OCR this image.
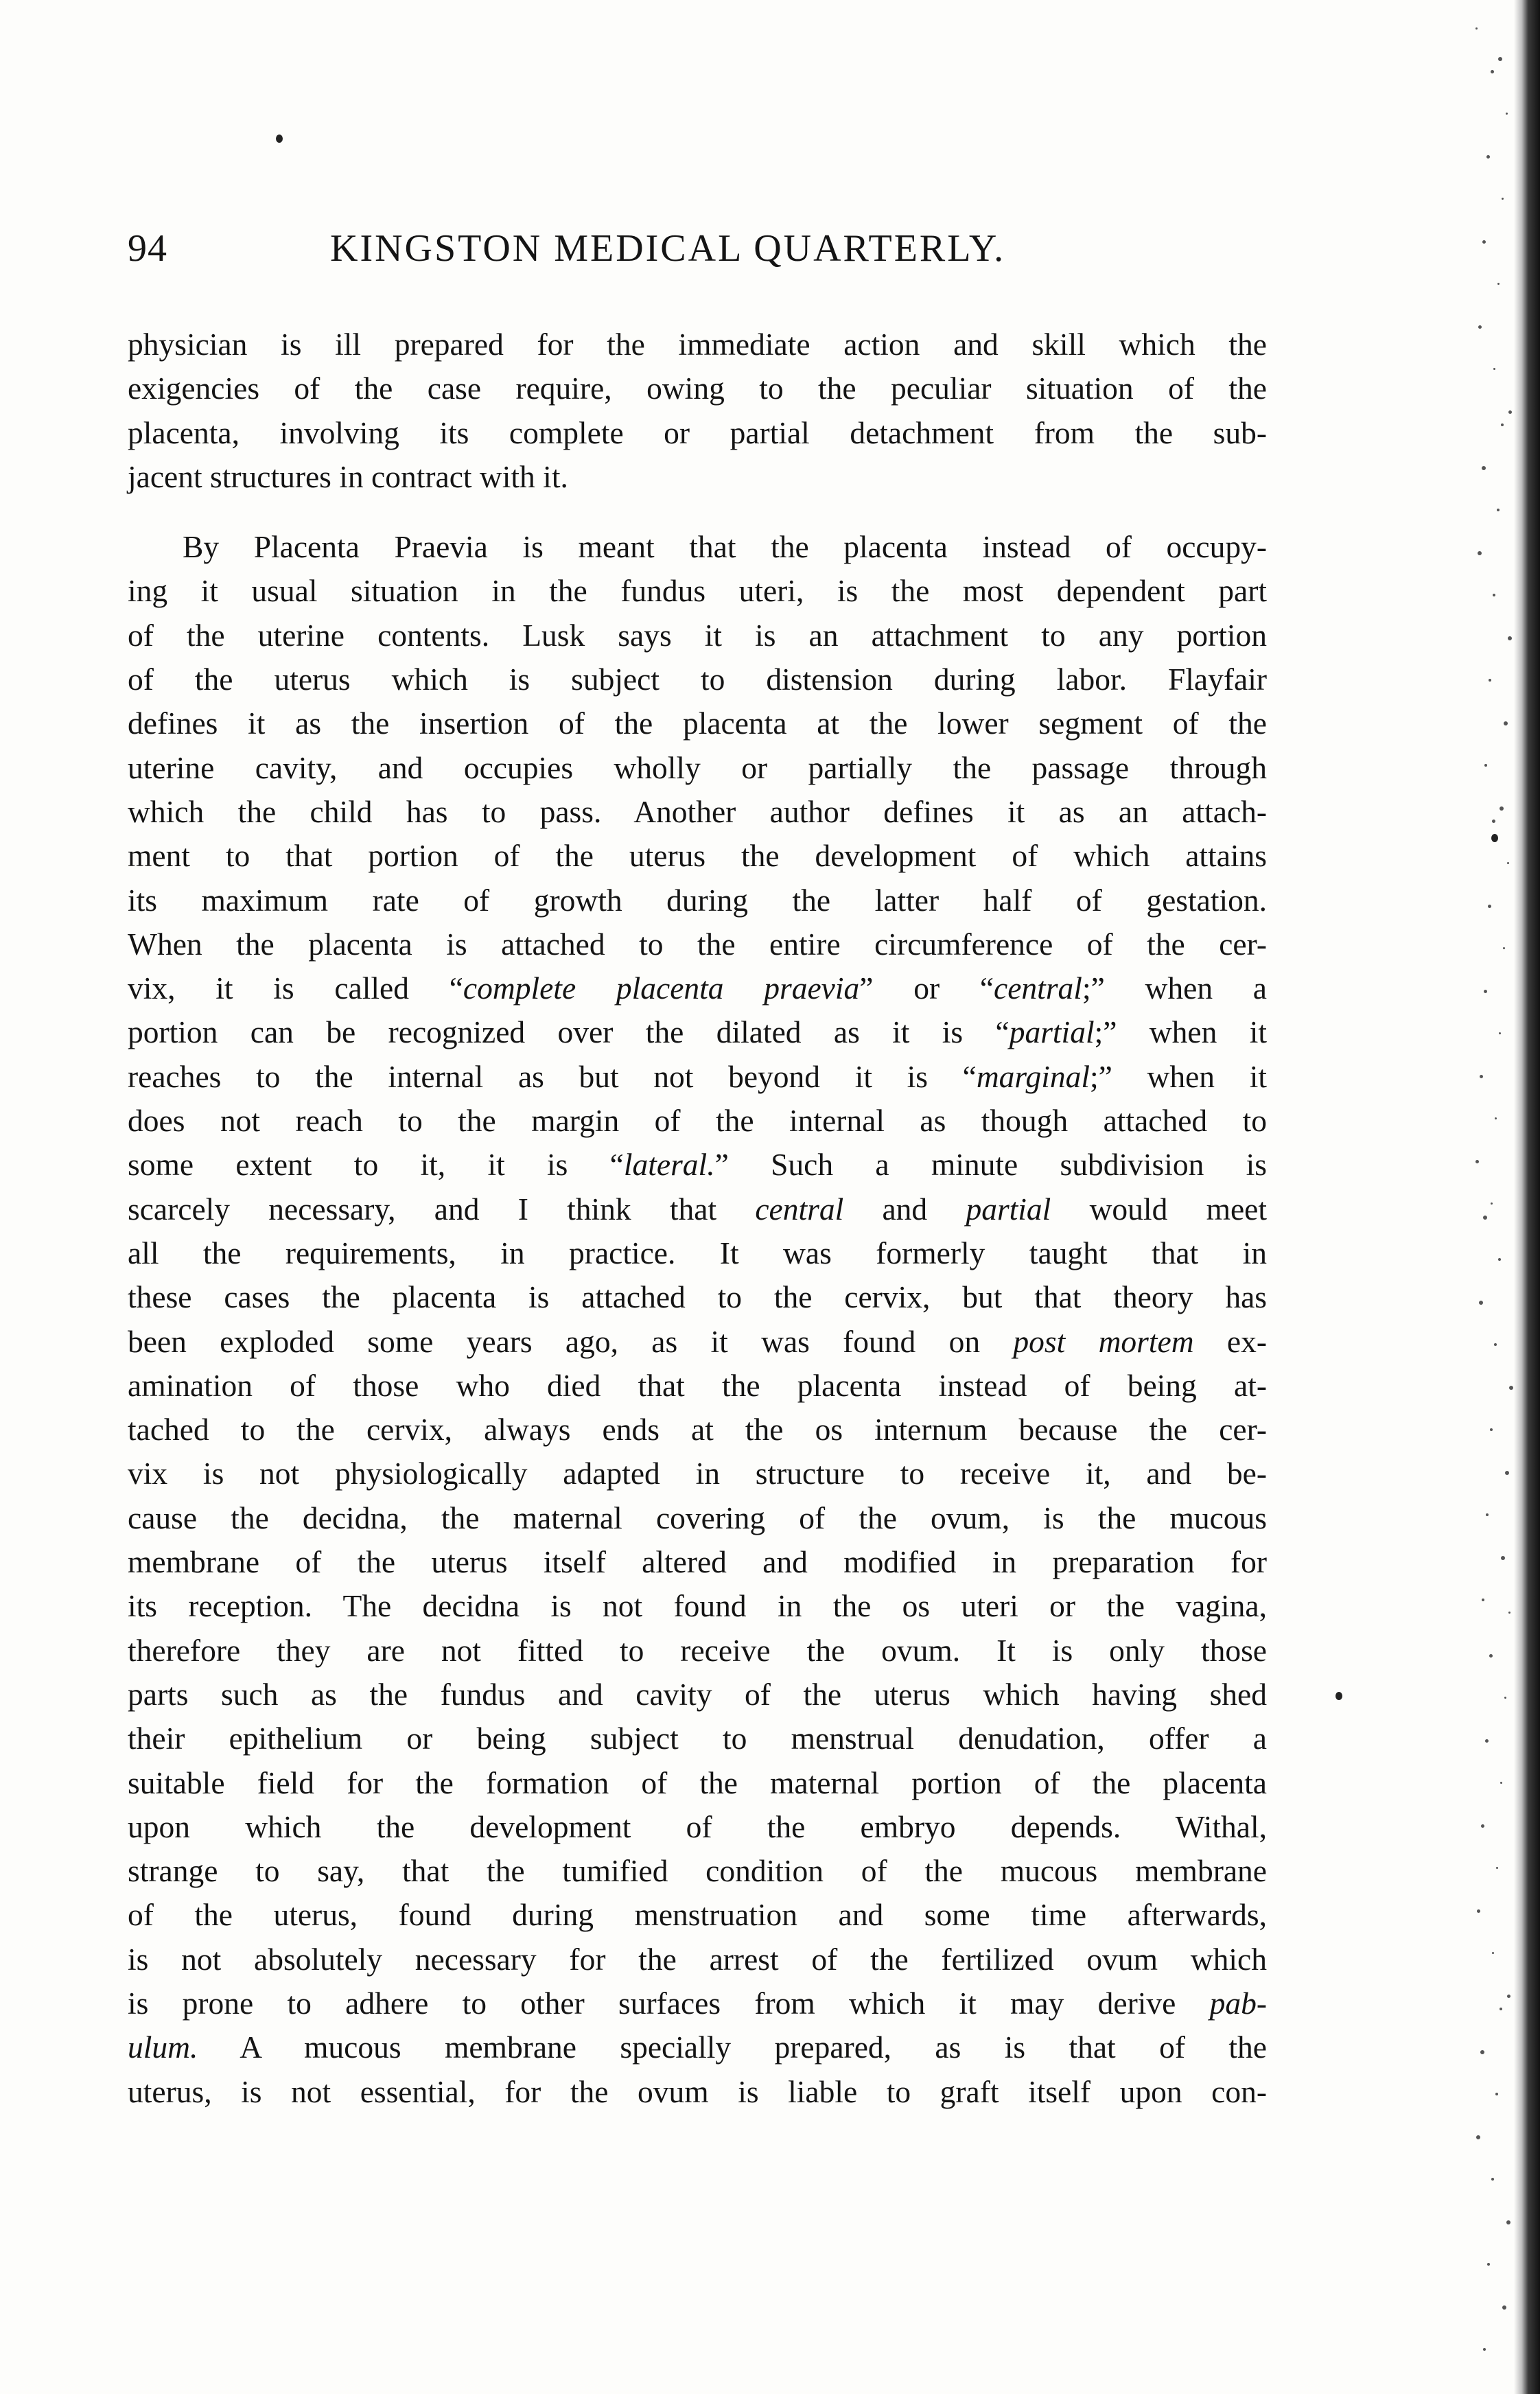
94	KINGSTON MEDICAL QUARTERLY.
physician is ill prepared for the immediate action and skill which the
exigencies of the case require, owing to the peculiar situation of the
placenta, involving its complete or partial detachment from the sub-
jacent structures in contract with it.
By Placenta Praevia is meant that the placenta instead of occupy-
ing it usual situation in the fundus uteri, is the most dependent part
of the uterine contents. Lusk says it is an attachment to any portion
of the uterus which is subject to distension during labor. Flayfair
defines it as the insertion of the placenta at the lower segment of the
uterine cavity, and occupies wholly or partially the passage through
which the child has to pass. Another author defines it as an attach-
ment to that portion of the uterus the development of which attains
its maximum rate of growth during the latter half of gestation.
When the placenta is attached to the entire circumference of the cer-
vix, it is called “complete placenta praevia” or “central;” when a
portion can be recognized over the dilated as it is “partial;” when it
reaches to the internal as but not beyond it is “marginal;” when it
does not reach to the margin of the internal as though attached to
some extent to it, it is “lateral.” Such a minute subdivision is
scarcely necessary, and I think that central and partial would meet
all the requirements, in practice. It was formerly taught that in
these cases the placenta is attached to the cervix, but that theory has
been exploded some years ago, as it was found on post mortem ex-
amination of those who died that the placenta instead of being at-
tached to the cervix, always ends at the os internum because the cer-
vix is not physiologically adapted in structure to receive it, and be-
cause the decidna, the maternal covering of the ovum, is the mucous
membrane of the uterus itself altered and modified in preparation for
its reception. The decidna is not found in the os uteri or the vagina,
therefore they are not fitted to receive the ovum. It is only those
parts such as the fundus and cavity of the uterus which having shed
their epithelium or being subject to menstrual denudation, offer a
suitable field for the formation of the maternal portion of the placenta
upon which the development of the embryo depends. Withal,
strange to say, that the tumified condition of the mucous membrane
of the uterus, found during menstruation and some time afterwards,
is not absolutely necessary for the arrest of the fertilized ovum which
is prone to adhere to other surfaces from which it may derive pab-
ulum. A mucous membrane specially prepared, as is that of the
uterus, is not essential, for the ovum is liable to graft itself upon con-
